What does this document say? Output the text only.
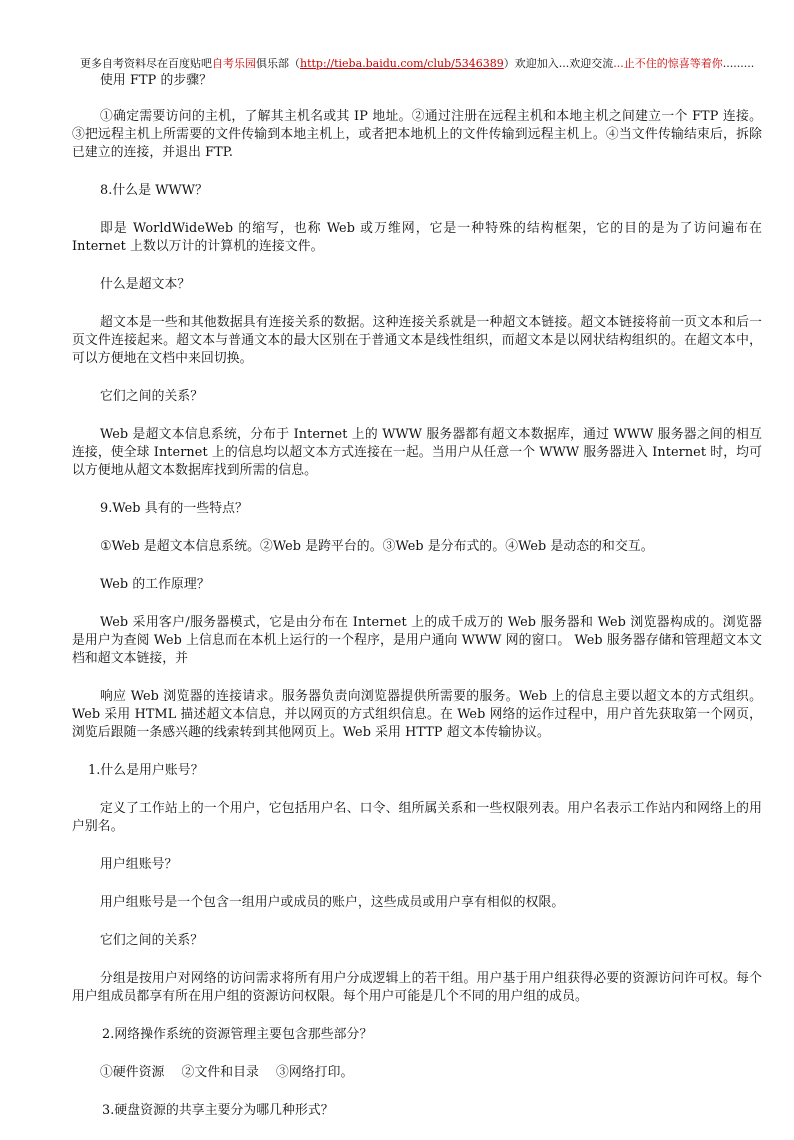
更多自考资料尽在百度贴吧自考乐园俱乐部（http://tieba.baidu.com/club/5346389）欢迎加入...欢迎交流...止不住的惊喜等着你.........

使用 FTP 的步骤？

①确定需要访问的主机，了解其主机名或其 IP 地址。②通过注册在远程主机和本地主机之间建立一个 FTP 连接。③把远程主机上所需要的文件传输到本地主机上，或者把本地机上的文件传输到远程主机上。④当文件传输结束后，拆除已建立的连接，并退出 FTP.

8.什么是 WWW？

即是 WorldWideWeb 的缩写，也称 Web 或万维网，它是一种特殊的结构框架，它的目的是为了访问遍布在 Internet 上数以万计的计算机的连接文件。

什么是超文本？

超文本是一些和其他数据具有连接关系的数据。这种连接关系就是一种超文本链接。超文本链接将前一页文本和后一页文件连接起来。超文本与普通文本的最大区别在于普通文本是线性组织，而超文本是以网状结构组织的。在超文本中，可以方便地在文档中来回切换。

它们之间的关系？

Web 是超文本信息系统，分布于 Internet 上的 WWW 服务器都有超文本数据库，通过 WWW 服务器之间的相互连接，使全球 Internet 上的信息均以超文本方式连接在一起。当用户从任意一个 WWW 服务器进入 Internet 时，均可以方便地从超文本数据库找到所需的信息。

9.Web 具有的一些特点？

①Web 是超文本信息系统。②Web 是跨平台的。③Web 是分布式的。④Web 是动态的和交互。

Web 的工作原理？

Web 采用客户/服务器模式，它是由分布在 Internet 上的成千成万的 Web 服务器和 Web 浏览器构成的。浏览器是用户为查阅 Web 上信息而在本机上运行的一个程序，是用户通向 WWW 网的窗口。 Web 服务器存储和管理超文本文档和超文本链接，并

响应 Web 浏览器的连接请求。服务器负责向浏览器提供所需要的服务。Web 上的信息主要以超文本的方式组织。Web 采用 HTML 描述超文本信息，并以网页的方式组织信息。在 Web 网络的运作过程中，用户首先获取第一个网页，浏览后跟随一条感兴趣的线索转到其他网页上。Web 采用 HTTP 超文本传输协议。

1.什么是用户账号？

定义了工作站上的一个用户，它包括用户名、口令、组所属关系和一些权限列表。用户名表示工作站内和网络上的用户别名。

用户组账号？

用户组账号是一个包含一组用户或成员的账户，这些成员或用户享有相似的权限。

它们之间的关系？

分组是按用户对网络的访问需求将所有用户分成逻辑上的若干组。用户基于用户组获得必要的资源访问许可权。每个用户组成员都享有所在用户组的资源访问权限。每个用户可能是几个不同的用户组的成员。

2.网络操作系统的资源管理主要包含那些部分？

①硬件资源 　②文件和目录 　③网络打印。

3.硬盘资源的共享主要分为哪几种形式？
